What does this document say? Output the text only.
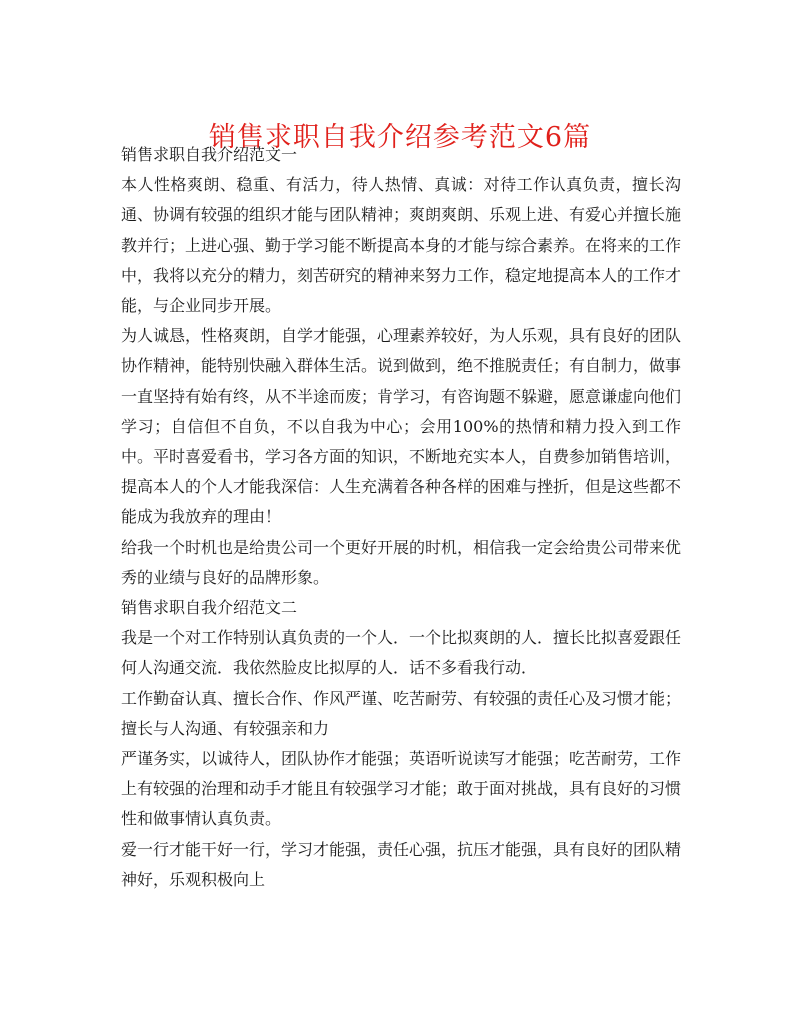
销售求职自我介绍参考范文6篇

销售求职自我介绍范文一

本人性格爽朗、稳重、有活力，待人热情、真诚：对待工作认真负责，擅长沟通、协调有较强的组织才能与团队精神；爽朗爽朗、乐观上进、有爱心并擅长施教并行；上进心强、勤于学习能不断提高本身的才能与综合素养。在将来的工作中，我将以充分的精力，刻苦研究的精神来努力工作，稳定地提高本人的工作才能，与企业同步开展。

为人诚恳，性格爽朗，自学才能强，心理素养较好，为人乐观，具有良好的团队协作精神，能特别快融入群体生活。说到做到，绝不推脱责任；有自制力，做事一直坚持有始有终，从不半途而废；肯学习，有咨询题不躲避，愿意谦虚向他们学习；自信但不自负，不以自我为中心；会用100%的热情和精力投入到工作中。平时喜爱看书，学习各方面的知识，不断地充实本人，自费参加销售培训，提高本人的个人才能我深信：人生充满着各种各样的困难与挫折，但是这些都不能成为我放弃的理由！

给我一个时机也是给贵公司一个更好开展的时机，相信我一定会给贵公司带来优秀的业绩与良好的品牌形象。

销售求职自我介绍范文二

我是一个对工作特别认真负责的一个人．一个比拟爽朗的人．擅长比拟喜爱跟任何人沟通交流．我依然脸皮比拟厚的人．话不多看我行动．

工作勤奋认真、擅长合作、作风严谨、吃苦耐劳、有较强的责任心及习惯才能；擅长与人沟通、有较强亲和力

严谨务实，以诚待人，团队协作才能强；英语听说读写才能强；吃苦耐劳，工作上有较强的治理和动手才能且有较强学习才能；敢于面对挑战，具有良好的习惯性和做事情认真负责。

爱一行才能干好一行，学习才能强，责任心强，抗压才能强，具有良好的团队精神好，乐观积极向上
